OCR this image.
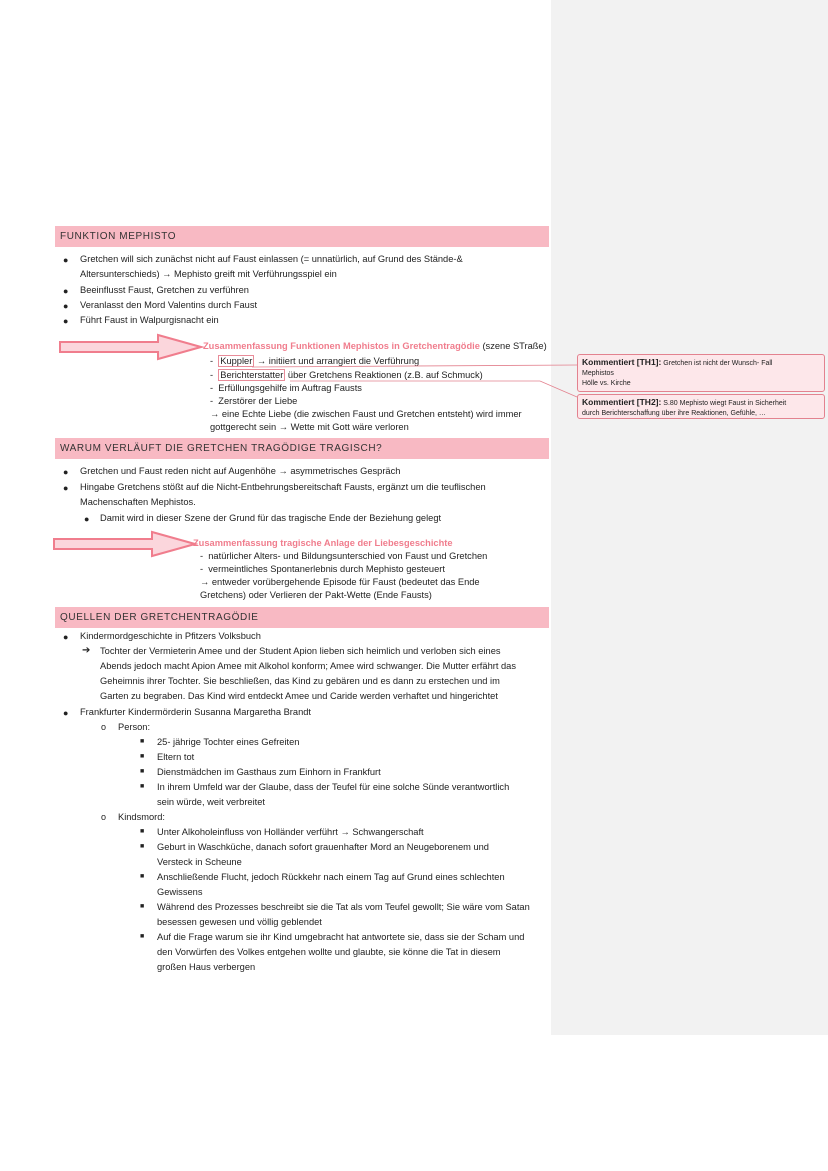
FUNKTION MEPHISTO
● Gretchen will sich zunächst nicht auf Faust einlassen (= unnatürlich, auf Grund des Stände-&
Altersunterschieds) → Mephisto greift mit Verführungsspiel ein
● Beeinflusst Faust, Gretchen zu verführen
● Veranlasst den Mord Valentins durch Faust
● Führt Faust in Walpurgisnacht ein
Zusammenfassung Funktionen Mephistos in Gretchentragödie (szene STraße)
-  Kuppler → initiiert und arrangiert die Verführung
-  Berichterstatter über Gretchens Reaktionen (z.B. auf Schmuck)
-  Erfüllungsgehilfe im Auftrag Fausts
-  Zerstörer der Liebe
→ eine Echte Liebe (die zwischen Faust und Gretchen entsteht) wird immer
gottgerecht sein → Wette mit Gott wäre verloren
WARUM VERLÄUFT DIE GRETCHEN TRAGÖDIGE TRAGISCH?
● Gretchen und Faust reden nicht auf Augenhöhe → asymmetrisches Gespräch
● Hingabe Gretchens stößt auf die Nicht-Entbehrungsbereitschaft Fausts, ergänzt um die teuflischen
Machenschaften Mephistos.
● Damit wird in dieser Szene der Grund für das tragische Ende der Beziehung gelegt
Zusammenfassung tragische Anlage der Liebesgeschichte
-  natürlicher Alters- und Bildungsunterschied von Faust und Gretchen
-  vermeintliches Spontanerlebnis durch Mephisto gesteuert
→ entweder vorübergehende Episode für Faust (bedeutet das Ende
Gretchens) oder Verlieren der Pakt-Wette (Ende Fausts)
QUELLEN DER GRETCHENTRAGÖDIE
● Kindermordgeschichte in Pfitzers Volksbuch
➔ Tochter der Vermieterin Amee und der Student Apion lieben sich heimlich und verloben sich eines
Abends jedoch macht Apion Amee mit Alkohol konform; Amee wird schwanger. Die Mutter erfährt das
Geheimnis ihrer Tochter. Sie beschließen, das Kind zu gebären und es dann zu erstechen und im
Garten zu begraben. Das Kind wird entdeckt Amee und Caride werden verhaftet und hingerichtet
● Frankfurter Kindermörderin Susanna Margaretha Brandt
o Person:
■ 25- jährige Tochter eines Gefreiten
■ Eltern tot
■ Dienstmädchen im Gasthaus zum Einhorn in Frankfurt
■ In ihrem Umfeld war der Glaube, dass der Teufel für eine solche Sünde verantwortlich
sein würde, weit verbreitet
o Kindsmord:
■ Unter Alkoholeinfluss von Holländer verführt → Schwangerschaft
■ Geburt in Waschküche, danach sofort grauenhafter Mord an Neugeborenem und
Versteck in Scheune
■ Anschließende Flucht, jedoch Rückkehr nach einem Tag auf Grund eines schlechten
Gewissens
■ Während des Prozesses beschreibt sie die Tat als vom Teufel gewollt; Sie wäre vom Satan
besessen gewesen und völlig geblendet
■ Auf die Frage warum sie ihr Kind umgebracht hat antwortete sie, dass sie der Scham und
den Vorwürfen des Volkes entgehen wollte und glaubte, sie könne die Tat in diesem
großen Haus verbergen
Kommentiert [TH1]: Gretchen ist nicht der Wunsch- Fall
Mephistos
Hölle vs. Kirche
Kommentiert [TH2]: S.80 Mephisto wiegt Faust in Sicherheit
durch Berichterschaffung über ihre Reaktionen, Gefühle, …
